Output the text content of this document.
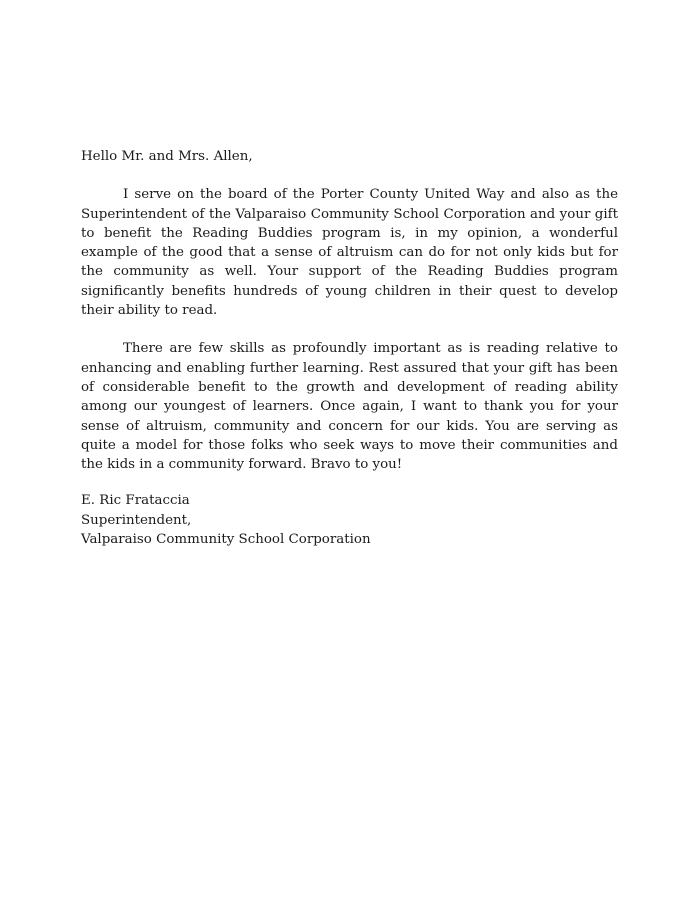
Hello Mr. and Mrs. Allen,

I serve on the board of the Porter County United Way and also as the Superintendent of the Valparaiso Community School Corporation and your gift to benefit the Reading Buddies program is, in my opinion, a wonderful example of the good that a sense of altruism can do for not only kids but for the community as well. Your support of the Reading Buddies program significantly benefits hundreds of young children in their quest to develop their ability to read.

There are few skills as profoundly important as is reading relative to enhancing and enabling further learning. Rest assured that your gift has been of considerable benefit to the growth and development of reading ability among our youngest of learners. Once again, I want to thank you for your sense of altruism, community and concern for our kids. You are serving as quite a model for those folks who seek ways to move their communities and the kids in a community forward. Bravo to you!

E. Ric Frataccia
Superintendent,
Valparaiso Community School Corporation
